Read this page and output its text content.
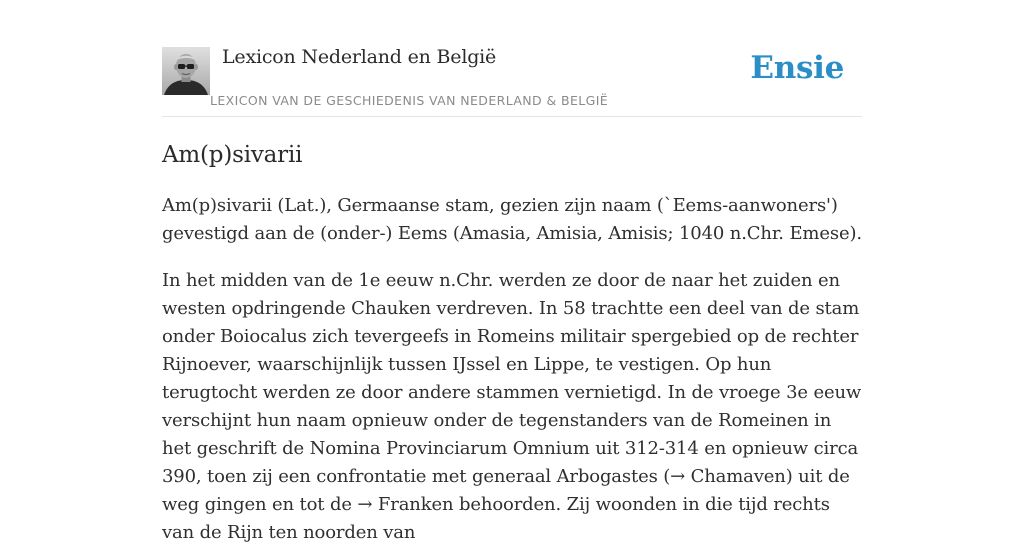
Lexicon Nederland en België
LEXICON VAN DE GESCHIEDENIS VAN NEDERLAND & BELGIË
Ensie
Am(p)sivarii

Am(p)sivarii (Lat.), Germaanse stam, gezien zijn naam (`Eems-aanwoners') gevestigd aan de (onder-) Eems (Amasia, Amisia, Amisis; 1040 n.Chr. Emese).

In het midden van de 1e eeuw n.Chr. werden ze door de naar het zuiden en westen opdringende Chauken verdreven. In 58 trachtte een deel van de stam onder Boiocalus zich tevergeefs in Romeins militair spergebied op de rechter Rijnoever, waarschijnlijk tussen IJssel en Lippe, te vestigen. Op hun terugtocht werden ze door andere stammen vernietigd. In de vroege 3e eeuw verschijnt hun naam opnieuw onder de tegenstanders van de Romeinen in het geschrift de Nomina Provinciarum Omnium uit 312-314 en opnieuw circa 390, toen zij een confrontatie met generaal Arbogastes (→ Chamaven) uit de weg gingen en tot de → Franken behoorden. Zij woonden in die tijd rechts van de Rijn ten noorden van
